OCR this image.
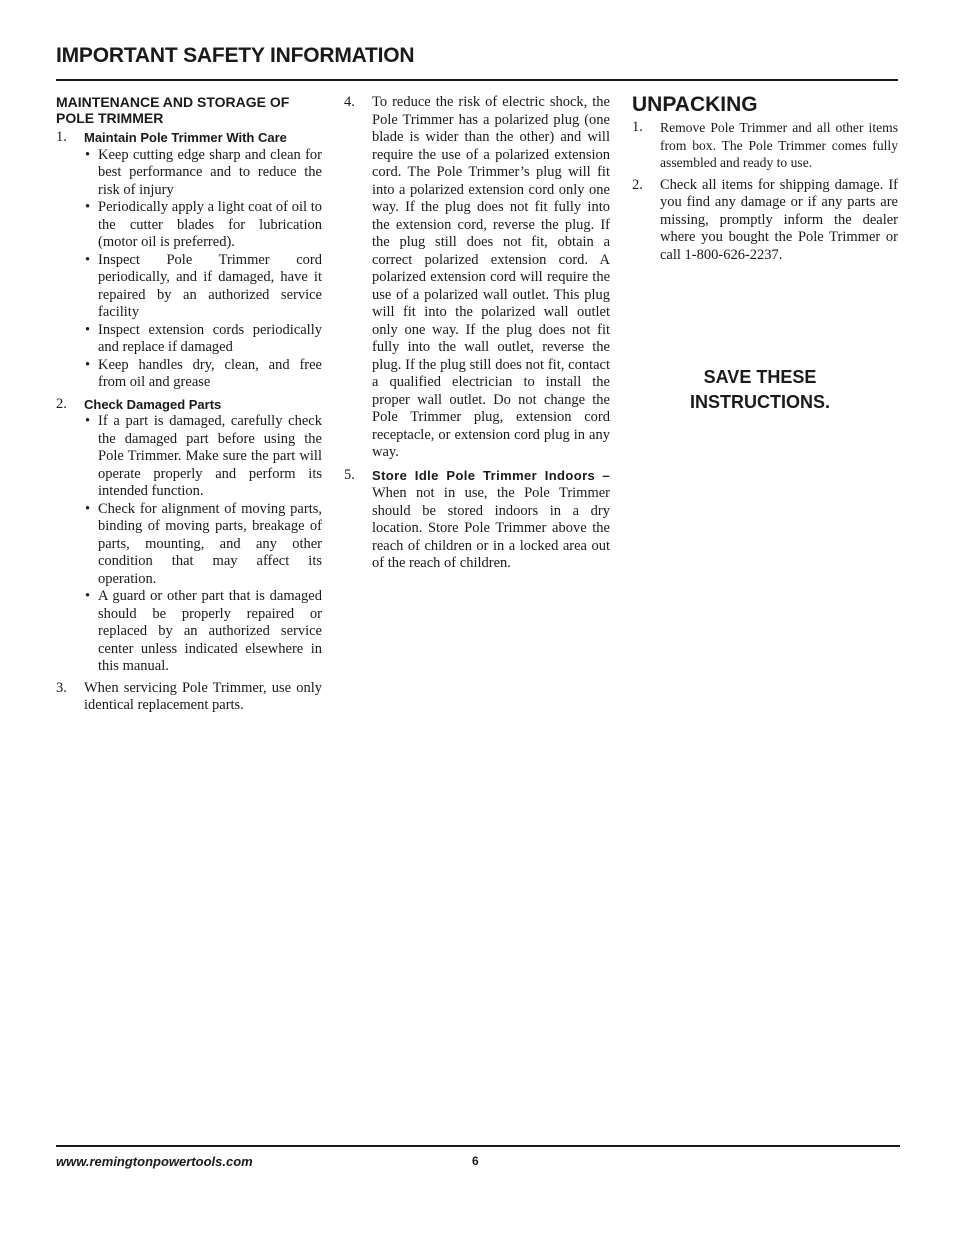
IMPORTANT SAFETY INFORMATION
MAINTENANCE AND STORAGE OF POLE TRIMMER
1. Maintain Pole Trimmer With Care
• Keep cutting edge sharp and clean for best performance and to reduce the risk of injury
• Periodically apply a light coat of oil to the cutter blades for lubrication (motor oil is preferred).
• Inspect Pole Trimmer cord periodically, and if damaged, have it repaired by an authorized service facility
• Inspect extension cords periodically and replace if damaged
• Keep handles dry, clean, and free from oil and grease
2. Check Damaged Parts
• If a part is damaged, carefully check the damaged part before using the Pole Trimmer. Make sure the part will operate properly and perform its intended function.
• Check for alignment of moving parts, binding of moving parts, breakage of parts, mounting, and any other condition that may affect its operation.
• A guard or other part that is damaged should be properly repaired or replaced by an authorized service center unless indicated elsewhere in this manual.
3. When servicing Pole Trimmer, use only identical replacement parts.
4. To reduce the risk of electric shock, the Pole Trimmer has a polarized plug (one blade is wider than the other) and will require the use of a polarized extension cord. The Pole Trimmer’s plug will fit into a polarized extension cord only one way. If the plug does not fit fully into the extension cord, reverse the plug. If the plug still does not fit, obtain a correct polarized extension cord. A polarized extension cord will require the use of a polarized wall outlet. This plug will fit into the polarized wall outlet only one way. If the plug does not fit fully into the wall outlet, reverse the plug. If the plug still does not fit, contact a qualified electrician to install the proper wall outlet. Do not change the Pole Trimmer plug, extension cord receptacle, or extension cord plug in any way.
5. Store Idle Pole Trimmer Indoors – When not in use, the Pole Trimmer should be stored indoors in a dry location. Store Pole Trimmer above the reach of children or in a locked area out of the reach of children.
UNPACKING
1. Remove Pole Trimmer and all other items from box. The Pole Trimmer comes fully assembled and ready to use.
2. Check all items for shipping damage. If you find any damage or if any parts are missing, promptly inform the dealer where you bought the Pole Trimmer or call 1-800-626-2237.
SAVE THESE
INSTRUCTIONS.
www.remingtonpowertools.com	6
